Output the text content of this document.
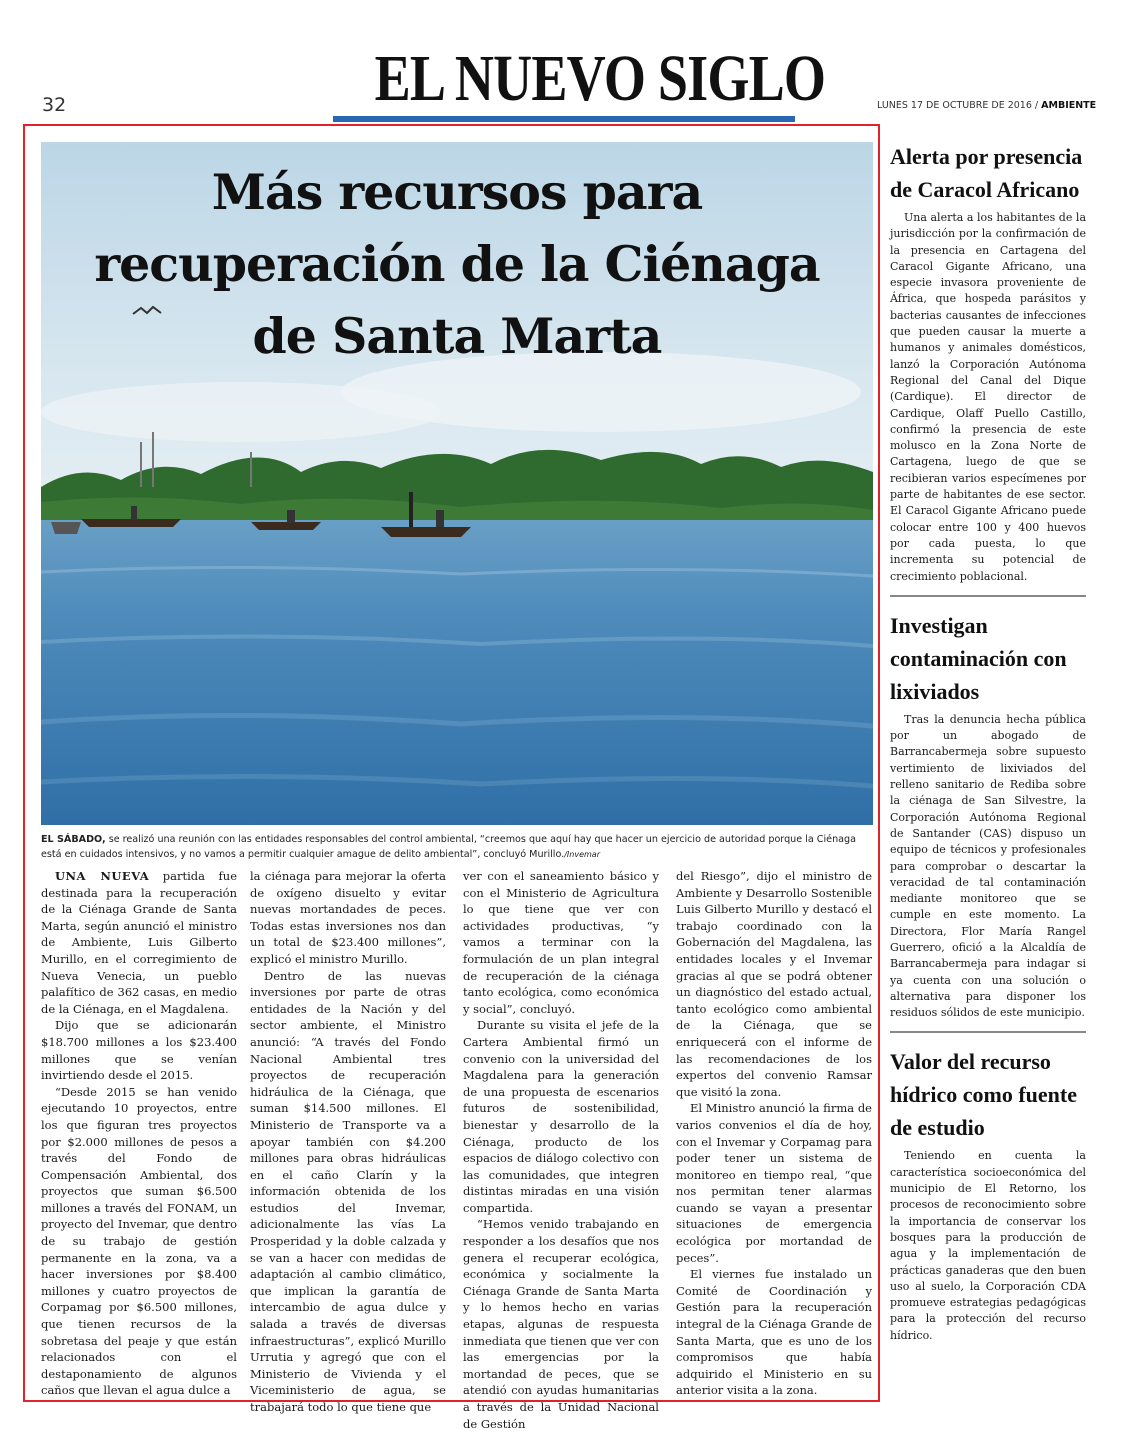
32	EL NUEVO SIGLO	LUNES 17 DE OCTUBRE DE 2016 / AMBIENTE
Más recursos para
recuperación de la Ciénaga
de Santa Marta
EL SÁBADO, se realizó una reunión con las entidades responsables del control ambiental, “creemos que aquí hay que hacer un ejercicio de autoridad porque la Ciénaga está en cuidados intensivos, y no vamos a permitir cualquier amague de delito ambiental”, concluyó Murillo./Invemar

UNA NUEVA partida fue destinada para la recuperación de la Ciénaga Grande de Santa Marta, según anunció el ministro de Ambiente, Luis Gilberto Murillo, en el corregimiento de Nueva Venecia, un pueblo palafítico de 362 casas, en medio de la Ciénaga, en el Magdalena.

Dijo que se adicionarán $18.700 millones a los $23.400 millones que se venían invirtiendo desde el 2015.

“Desde 2015 se han venido ejecutando 10 proyectos, entre los que figuran tres proyectos por $2.000 millones de pesos a través del Fondo de Compensación Ambiental, dos proyectos que suman $6.500 millones a través del FONAM, un proyecto del Invemar, que dentro de su trabajo de gestión permanente en la zona, va a hacer inversiones por $8.400 millones y cuatro proyectos de Corpamag por $6.500 millones, que tienen recursos de la sobretasa del peaje y que están relacionados con el destaponamiento de algunos caños que llevan el agua dulce a

la ciénaga para mejorar la oferta de oxígeno disuelto y evitar nuevas mortandades de peces. Todas estas inversiones nos dan un total de $23.400 millones”, explicó el ministro Murillo.

Dentro de las nuevas inversiones por parte de otras entidades de la Nación y del sector ambiente, el Ministro anunció: “A través del Fondo Nacional Ambiental tres proyectos de recuperación hidráulica de la Ciénaga, que suman $14.500 millones. El Ministerio de Transporte va a apoyar también con $4.200 millones para obras hidráulicas en el caño Clarín y la información obtenida de los estudios del Invemar, adicionalmente las vías La Prosperidad y la doble calzada y se van a hacer con medidas de adaptación al cambio climático, que implican la garantía de intercambio de agua dulce y salada a través de diversas infraestructuras”, explicó Murillo Urrutia y agregó que con el Ministerio de Vivienda y el Viceministerio de agua, se trabajará todo lo que tiene que

ver con el saneamiento básico y con el Ministerio de Agricultura lo que tiene que ver con actividades productivas, “y vamos a terminar con la formulación de un plan integral de recuperación de la ciénaga tanto ecológica, como económica y social”, concluyó.

Durante su visita el jefe de la Cartera Ambiental firmó un convenio con la universidad del Magdalena para la generación de una propuesta de escenarios futuros de sostenibilidad, bienestar y desarrollo de la Ciénaga, producto de los espacios de diálogo colectivo con las comunidades, que integren distintas miradas en una visión compartida.

“Hemos venido trabajando en responder a los desafíos que nos genera el recuperar ecológica, económica y socialmente la Ciénaga Grande de Santa Marta y lo hemos hecho en varias etapas, algunas de respuesta inmediata que tienen que ver con las emergencias por la mortandad de peces, que se atendió con ayudas humanitarias a través de la Unidad Nacional de Gestión

del Riesgo”, dijo el ministro de Ambiente y Desarrollo Sostenible Luis Gilberto Murillo y destacó el trabajo coordinado con la Gobernación del Magdalena, las entidades locales y el Invemar gracias al que se podrá obtener un diagnóstico del estado actual, tanto ecológico como ambiental de la Ciénaga, que se enriquecerá con el informe de las recomendaciones de los expertos del convenio Ramsar que visitó la zona.

El Ministro anunció la firma de varios convenios el día de hoy, con el Invemar y Corpamag para poder tener un sistema de monitoreo en tiempo real, “que nos permitan tener alarmas cuando se vayan a presentar situaciones de emergencia ecológica por mortandad de peces”.

El viernes fue instalado un Comité de Coordinación y Gestión para la recuperación integral de la Ciénaga Grande de Santa Marta, que es uno de los compromisos que había adquirido el Ministerio en su anterior visita a la zona.

Alerta por presencia de Caracol Africano

Una alerta a los habitantes de la jurisdicción por la confirmación de la presencia en Cartagena del Caracol Gigante Africano, una especie invasora proveniente de África, que hospeda parásitos y bacterias causantes de infecciones que pueden causar la muerte a humanos y animales domésticos, lanzó la Corporación Autónoma Regional del Canal del Dique (Cardique). El director de Cardique, Olaff Puello Castillo, confirmó la presencia de este molusco en la Zona Norte de Cartagena, luego de que se recibieran varios especímenes por parte de habitantes de ese sector. El Caracol Gigante Africano puede colocar entre 100 y 400 huevos por cada puesta, lo que incrementa su potencial de crecimiento poblacional.

Investigan contaminación con lixiviados

Tras la denuncia hecha pública por un abogado de Barrancabermeja sobre supuesto vertimiento de lixiviados del relleno sanitario de Rediba sobre la ciénaga de San Silvestre, la Corporación Autónoma Regional de Santander (CAS) dispuso un equipo de técnicos y profesionales para comprobar o descartar la veracidad de tal contaminación mediante monitoreo que se cumple en este momento. La Directora, Flor María Rangel Guerrero, ofició a la Alcaldía de Barrancabermeja para indagar si ya cuenta con una solución o alternativa para disponer los residuos sólidos de este municipio.

Valor del recurso hídrico como fuente de estudio

Teniendo en cuenta la característica socioeconómica del municipio de El Retorno, los procesos de reconocimiento sobre la importancia de conservar los bosques para la producción de agua y la implementación de prácticas ganaderas que den buen uso al suelo, la Corporación CDA promueve estrategias pedagógicas para la protección del recurso hídrico.
